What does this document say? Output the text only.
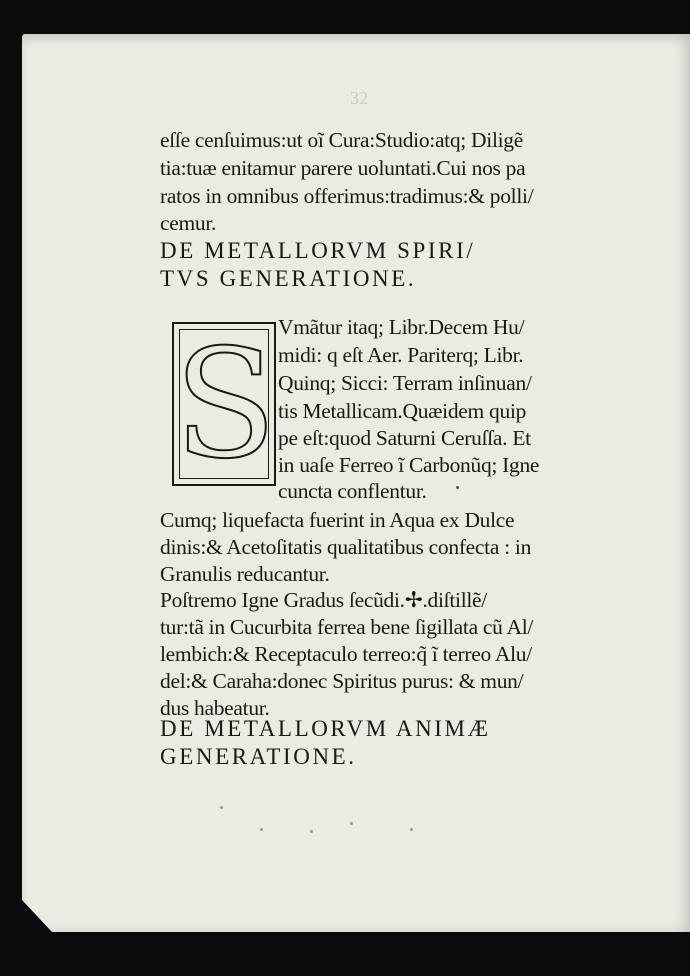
32
eſſe cenſuimus:ut oĩ Cura:Studio:atq; Diligẽ
tia:tuæ enitamur parere uoluntati.Cui nos pa
ratos in omnibus offerimus:tradimus:& polli/
cemur.
DE METALLORVM SPIRI/
TVS GENERATIONE.
S Vmãtur itaq; Libr.Decem Hu/
midi: q eſt Aer. Pariterq; Libr.
Quinq; Sicci: Terram inſinuan/
tis Metallicam.Quæidem quip
pe eſt:quod Saturni Ceruſſa. Et
in uaſe Ferreo ĩ Carbonũq; Igne
cuncta conflentur.
Cumq; liquefacta fuerint in Aqua ex Dulce
dinis:& Acetoſitatis qualitatibus confecta : in
Granulis reducantur.
Poſtremo Igne Gradus ſecũdi.✢.diſtillẽ/
tur:tã in Cucurbita ferrea bene ſigillata cũ Al/
lembich:& Receptaculo terreo:q̃ ĩ terreo Alu/
del:& Caraha:donec Spiritus purus: & mun/
dus habeatur.
DE METALLORVM ANIMÆ
GENERATIONE.
